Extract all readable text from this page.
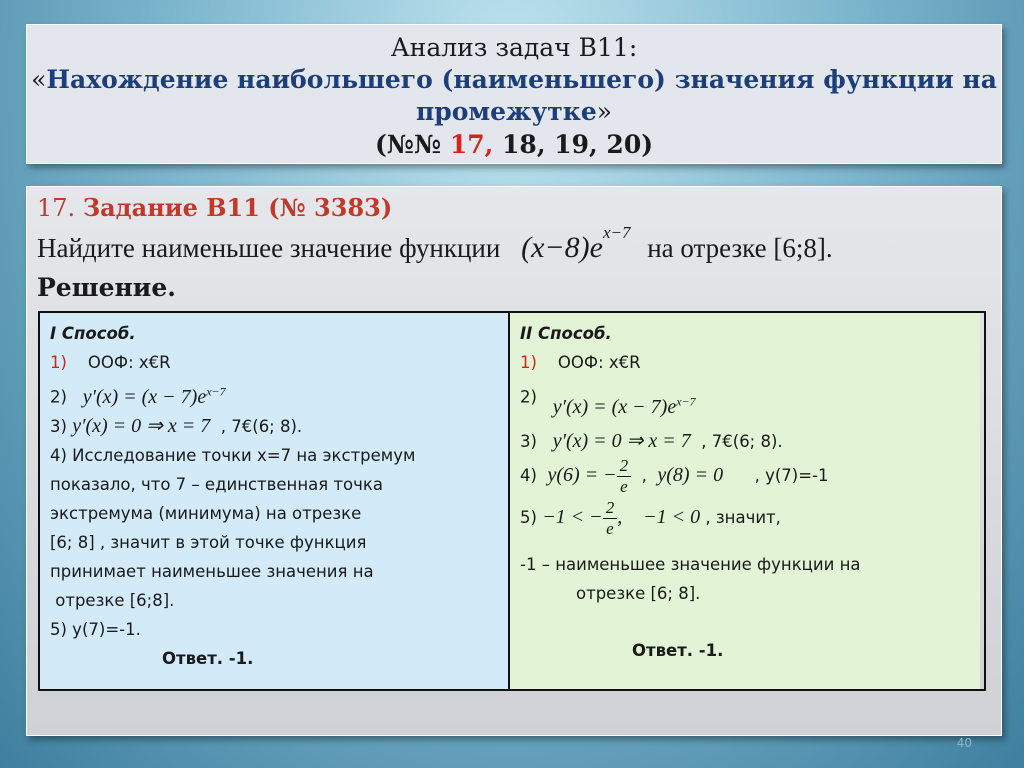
Анализ задач В11:
«Нахождение наибольшего (наименьшего) значения функции на промежутке»
(№№ 17, 18, 19, 20)
17. Задание В11 (№ 3383)
Найдите наименьшее значение функции $(x-8)e^{x-7}$ на отрезке [6;8].
Решение.
I Способ.
1) ООФ: x€R
2) $y'(x) = (x - 7)e^{x-7}$
3) y′(x) = 0 ⇒ x = 7 , 7€(6; 8).
4) Исследование точки x=7 на экстремум
показало, что 7 – единственная точка
экстремума (минимума) на отрезке
[6; 8] , значит в этой точке функция
принимает наименьшее значения на
отрезке [6;8].
5) y(7)=-1.
Ответ. -1.
II Способ.
1) ООФ: x€R
2) $y'(x) = (x - 7)e^{x-7}$
3) y′(x) = 0 ⇒ x = 7 , 7€(6; 8).
4) y(6) = − $\frac{2}{e}$ , y(8) = 0 , y(7)=-1
5) −1 < − $\frac{2}{e}$ , −1 < 0 , значит,
-1 – наименьшее значение функции на
отрезке [6; 8].
Ответ. -1.
40
